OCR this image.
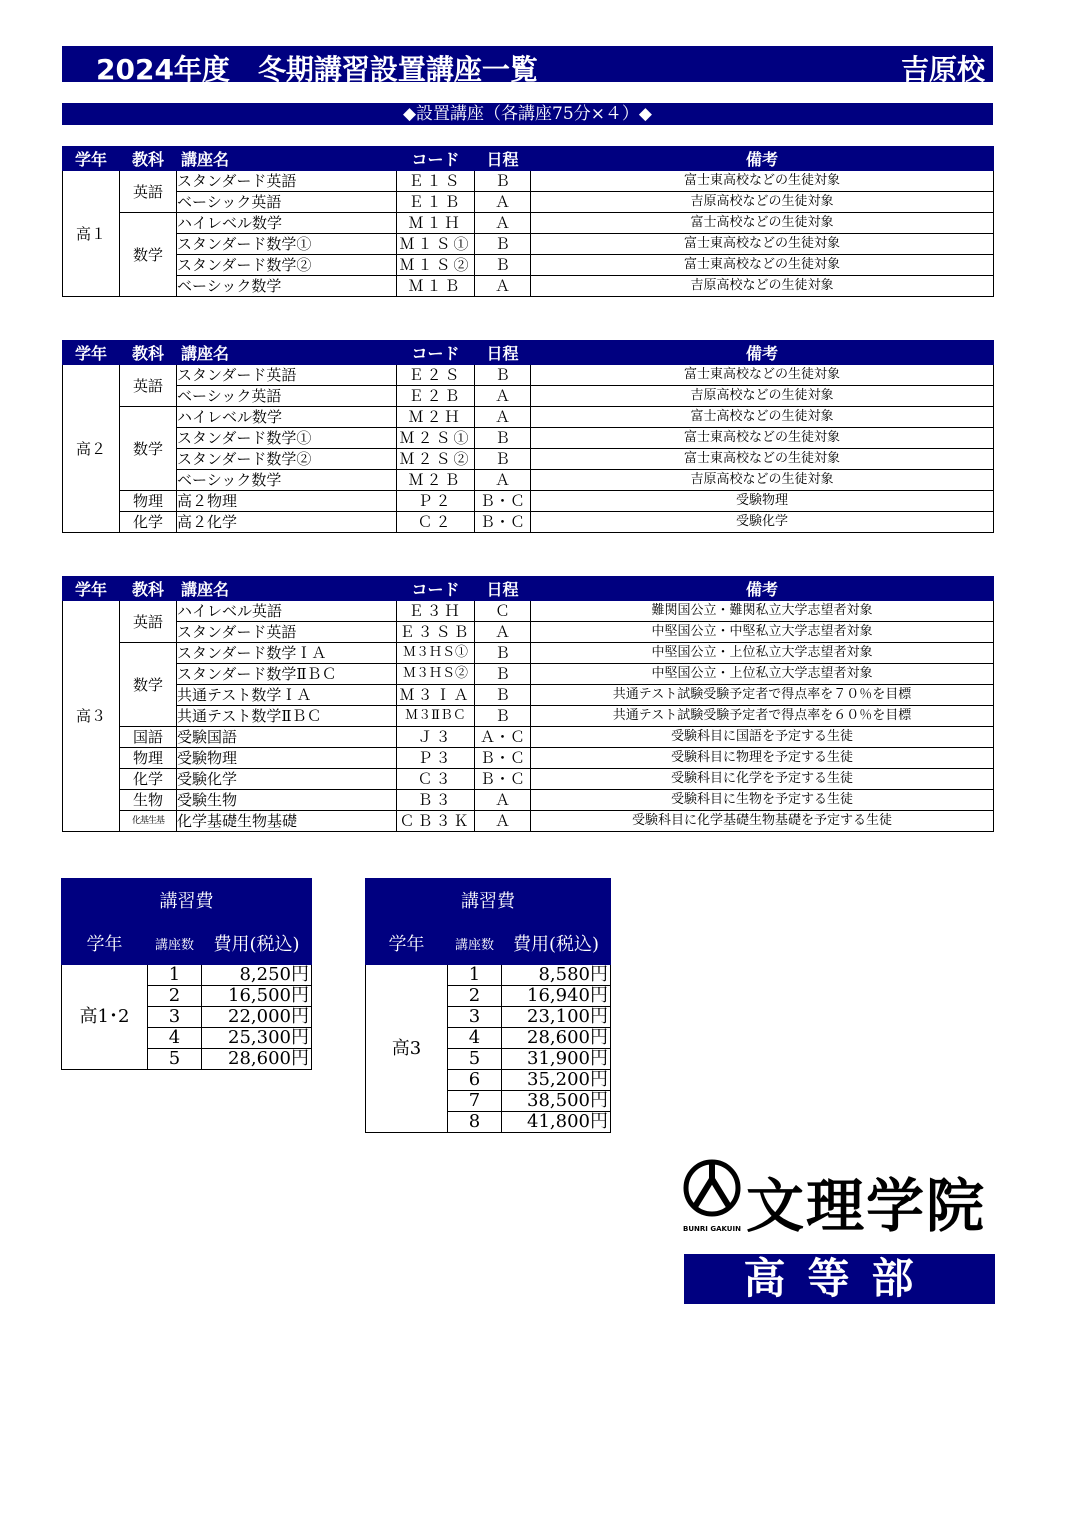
2024年度　冬期講習設置講座一覧	吉原校
◆設置講座（各講座75分×４）◆
学年	教科	講座名	コード	日程	備考
高１	英語	スタンダード英語	Ｅ１Ｓ	Ｂ	富士東高校などの生徒対象
		ベーシック英語	Ｅ１Ｂ	Ａ	吉原高校などの生徒対象
	数学	ハイレベル数学	Ｍ１Ｈ	Ａ	富士高校などの生徒対象
		スタンダード数学①	Ｍ１Ｓ①	Ｂ	富士東高校などの生徒対象
		スタンダード数学②	Ｍ１Ｓ②	Ｂ	富士東高校などの生徒対象
		ベーシック数学	Ｍ１Ｂ	Ａ	吉原高校などの生徒対象
学年	教科	講座名	コード	日程	備考
高２	英語	スタンダード英語	Ｅ２Ｓ	Ｂ	富士東高校などの生徒対象
		ベーシック英語	Ｅ２Ｂ	Ａ	吉原高校などの生徒対象
	数学	ハイレベル数学	Ｍ２Ｈ	Ａ	富士高校などの生徒対象
		スタンダード数学①	Ｍ２Ｓ①	Ｂ	富士東高校などの生徒対象
		スタンダード数学②	Ｍ２Ｓ②	Ｂ	富士東高校などの生徒対象
		ベーシック数学	Ｍ２Ｂ	Ａ	吉原高校などの生徒対象
	物理	高２物理	Ｐ２	Ｂ・Ｃ	受験物理
	化学	高２化学	Ｃ２	Ｂ・Ｃ	受験化学
学年	教科	講座名	コード	日程	備考
高３	英語	ハイレベル英語	Ｅ３Ｈ	Ｃ	難関国公立・難関私立大学志望者対象
		スタンダード英語	Ｅ３ＳＢ	Ａ	中堅国公立・中堅私立大学志望者対象
	数学	スタンダード数学ＩＡ	Ｍ３ＨＳ①	Ｂ	中堅国公立・上位私立大学志望者対象
		スタンダード数学ⅡＢＣ	Ｍ３ＨＳ②	Ｂ	中堅国公立・上位私立大学志望者対象
		共通テスト数学ＩＡ	Ｍ３ＩＡ	Ｂ	共通テスト試験受験予定者で得点率を７０％を目標
		共通テスト数学ⅡＢＣ	Ｍ３ⅡＢＣ	Ｂ	共通テスト試験受験予定者で得点率を６０％を目標
	国語	受験国語	Ｊ３	Ａ・Ｃ	受験科目に国語を予定する生徒
	物理	受験物理	Ｐ３	Ｂ・Ｃ	受験科目に物理を予定する生徒
	化学	受験化学	Ｃ３	Ｂ・Ｃ	受験科目に化学を予定する生徒
	生物	受験生物	Ｂ３	Ａ	受験科目に生物を予定する生徒
	化基生基	化学基礎生物基礎	ＣＢ３Ｋ	Ａ	受験科目に化学基礎生物基礎を予定する生徒
講習費		
学年	講座数	費用(税込)
高1･2	1	8,250円
	2	16,500円
	3	22,000円
	4	25,300円
	5	28,600円
講習費		
学年	講座数	費用(税込)
高3	1	8,580円
	2	16,940円
	3	23,100円
	4	28,600円
	5	31,900円
	6	35,200円
	7	38,500円
	8	41,800円
文理学院
BUNRI GAKUIN
高等部
